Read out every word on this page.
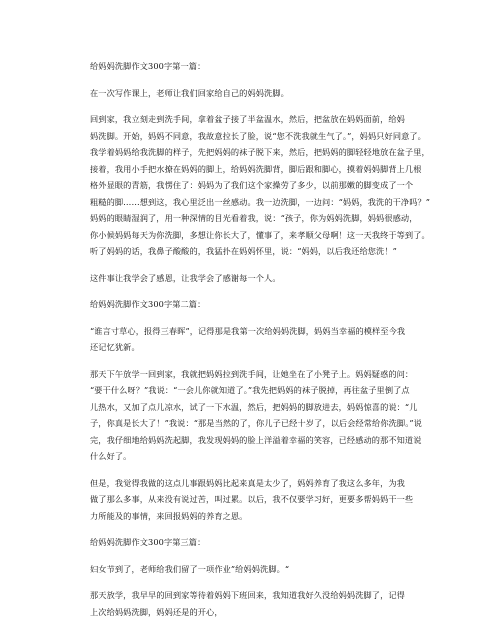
给妈妈洗脚作文300字第一篇：

在一次写作课上，老师让我们回家给自己的妈妈洗脚。

回到家，我立刻走到洗手间，拿着盆子接了半盆温水，然后，把盆放在妈妈面前，给妈
妈洗脚。开始，妈妈不同意，我故意拉长了脸，说“您不洗我就生气了。”，妈妈只好同意了。
我学着妈妈给我洗脚的样子，先把妈妈的袜子脱下来，然后，把妈妈的脚轻轻地放在盆子里，
接着，我用小手把水撩在妈妈的脚上，给妈妈洗脚背，脚后跟和脚心，摸着妈妈脚背上几根
格外显眼的青筋，我愣住了：妈妈为了我们这个家操劳了多少，以前那嫩的脚变成了一个
粗糙的脚……想到这，我心里泛出一丝感动。我一边洗脚，一边问：“妈妈，我洗的干净吗？”
妈妈的眼睛湿润了，用一种深情的目光看着我，说：“孩子，你为妈妈洗脚，妈妈很感动，
你小候妈妈每天为你洗脚，多想让你长大了，懂事了，来孝顺父母啊！这一天我终于等到了。
听了妈妈的话，我鼻子酸酸的，我猛扑在妈妈怀里，说：“妈妈，以后我还给您洗！”

这件事让我学会了感恩，让我学会了感谢每一个人。

给妈妈洗脚作文300字第二篇：

“谁言寸草心，报得三春晖”，记得那是我第一次给妈妈洗脚，妈妈当幸福的模样至今我
还记忆犹新。

那天下午放学一回到家，我就把妈妈拉到洗手间，让她坐在了小凳子上。妈妈疑惑的问：
“要干什么呀？”我说：“一会儿你就知道了。”我先把妈妈的袜子脱掉，再往盆子里倒了点
儿热水，又加了点儿凉水，试了一下水温，然后，把妈妈的脚放进去，妈妈惊喜的说：“儿
子，你真是长大了！”我说：“那是当然的了，你儿子已经十岁了，以后会经常给你洗脚。”说
完，我仔细地给妈妈洗起脚，我发现妈妈的脸上洋溢着幸福的笑容，已经感动的那不知道说
什么好了。

但是，我觉得我做的这点儿事跟妈妈比起来真是太少了，妈妈养育了我这么多年，为我
做了那么多事，从来没有说过苦，叫过累。以后，我不仅要学习好，更要多帮妈妈干一些
力所能及的事情，来回报妈妈的养育之恩。

给妈妈洗脚作文300字第三篇：

妇女节到了，老师给我们留了一项作业”给妈妈洗脚。“

那天放学，我早早的回到家等待着妈妈下班回来，我知道我好久没给妈妈洗脚了，记得
上次给妈妈洗脚，妈妈还是的开心，
